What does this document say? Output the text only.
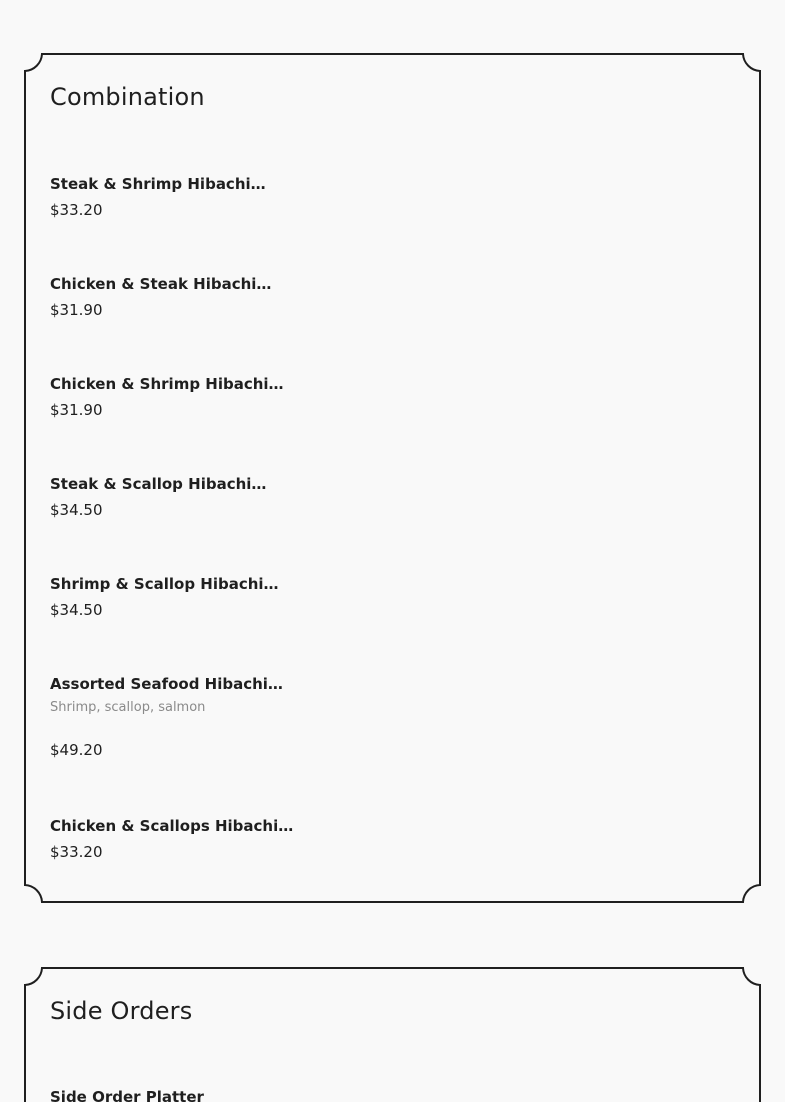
Combination
Steak & Shrimp Hibachi…
$33.20
Chicken & Steak Hibachi…
$31.90
Chicken & Shrimp Hibachi…
$31.90
Steak & Scallop Hibachi…
$34.50
Shrimp & Scallop Hibachi…
$34.50
Assorted Seafood Hibachi…
Shrimp, scallop, salmon
$49.20
Chicken & Scallops Hibachi…
$33.20
Side Orders
Side Order Platter
